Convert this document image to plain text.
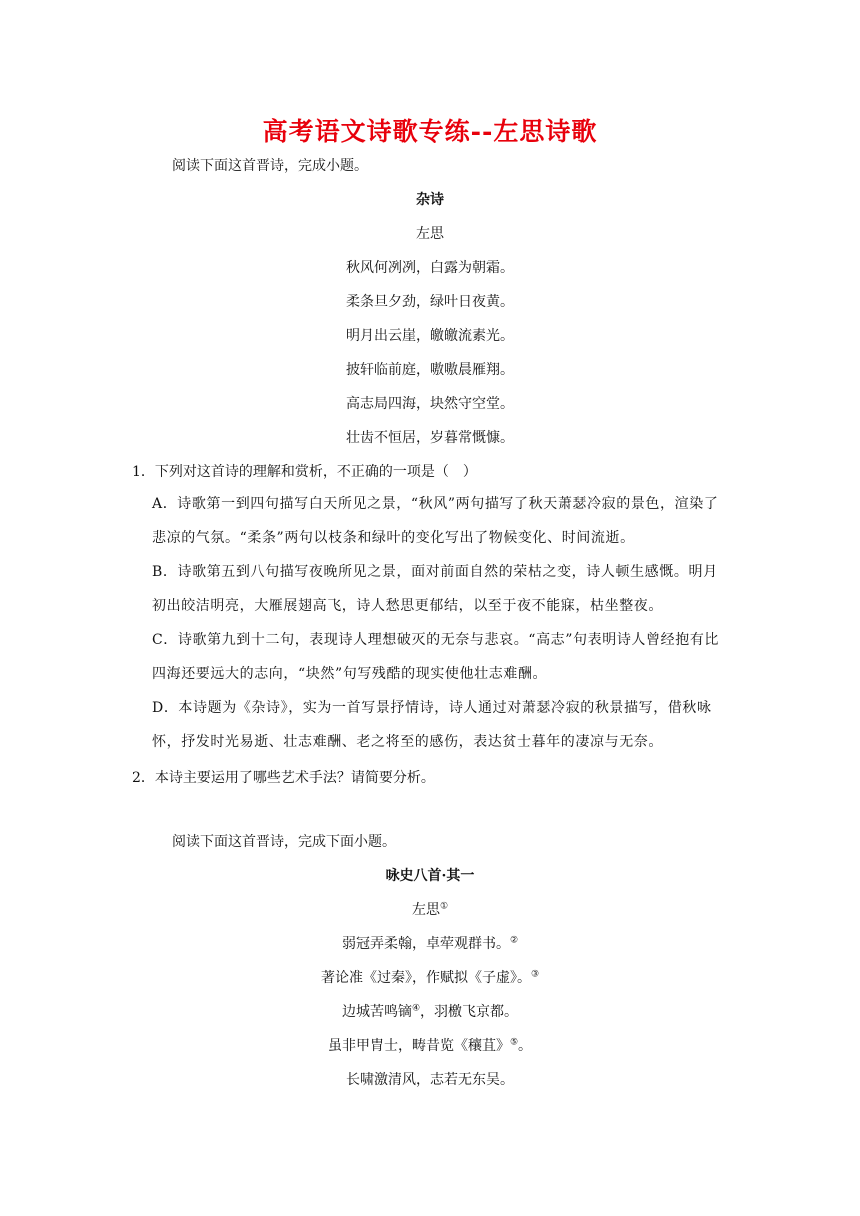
高考语文诗歌专练--左思诗歌
阅读下面这首晋诗，完成小题。
杂诗
左思
秋风何冽冽，白露为朝霜。
柔条旦夕劲，绿叶日夜黄。
明月出云崖，皦皦流素光。
披轩临前庭，嗷嗷晨雁翔。
高志局四海，块然守空堂。
壮齿不恒居，岁暮常慨慷。
1．下列对这首诗的理解和赏析，不正确的一项是（　）
A．诗歌第一到四句描写白天所见之景，“秋风”两句描写了秋天萧瑟冷寂的景色，渲染了悲凉的气氛。“柔条”两句以枝条和绿叶的变化写出了物候变化、时间流逝。
B．诗歌第五到八句描写夜晚所见之景，面对前面自然的荣枯之变，诗人顿生感慨。明月初出皎洁明亮，大雁展翅高飞，诗人愁思更郁结，以至于夜不能寐，枯坐整夜。
C．诗歌第九到十二句，表现诗人理想破灭的无奈与悲哀。“高志”句表明诗人曾经抱有比四海还要远大的志向，“块然”句写残酷的现实使他壮志难酬。
D．本诗题为《杂诗》，实为一首写景抒情诗，诗人通过对萧瑟冷寂的秋景描写，借秋咏怀，抒发时光易逝、壮志难酬、老之将至的感伤，表达贫士暮年的凄凉与无奈。
2．本诗主要运用了哪些艺术手法？请简要分析。
阅读下面这首晋诗，完成下面小题。
咏史八首·其一
左思①
弱冠弄柔翰，卓荦观群书。②
著论准《过秦》，作赋拟《子虚》。③
边城苦鸣镝④，羽檄飞京都。
虽非甲胄士，畴昔览《穰苴》⑤。
长啸激清风，志若无东吴。
